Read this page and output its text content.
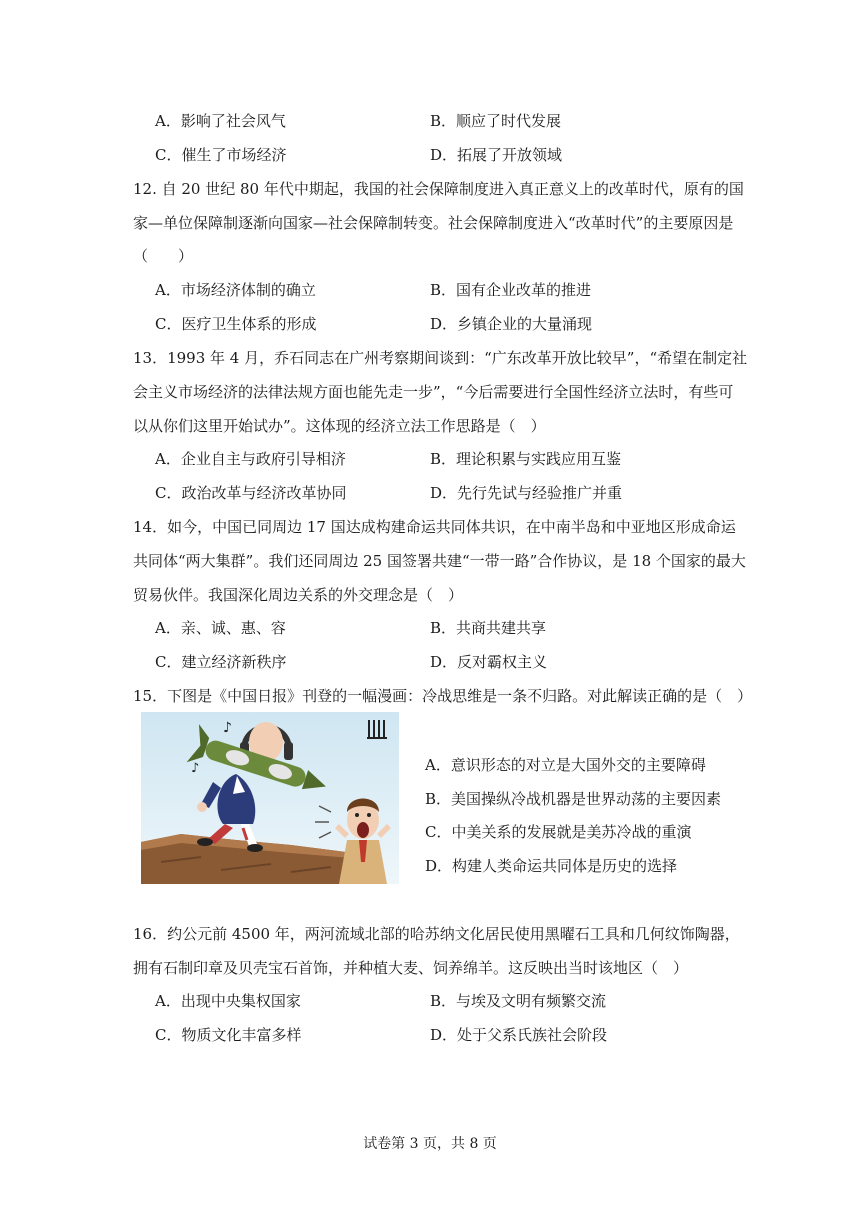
A．影响了社会风气	B．顺应了时代发展
C．催生了市场经济	D．拓展了开放领域
12. 自 20 世纪 80 年代中期起，我国的社会保障制度进入真正意义上的改革时代，原有的国
家—单位保障制逐渐向国家—社会保障制转变。社会保障制度进入“改革时代”的主要原因是
（　　）
A．市场经济体制的确立	B．国有企业改革的推进
C．医疗卫生体系的形成	D．乡镇企业的大量涌现
13．1993 年 4 月，乔石同志在广州考察期间谈到：“广东改革开放比较早”，“希望在制定社
会主义市场经济的法律法规方面也能先走一步”，“今后需要进行全国性经济立法时，有些可
以从你们这里开始试办”。这体现的经济立法工作思路是（　）
A．企业自主与政府引导相济	B．理论积累与实践应用互鉴
C．政治改革与经济改革协同	D．先行先试与经验推广并重
14．如今，中国已同周边 17 国达成构建命运共同体共识，在中南半岛和中亚地区形成命运
共同体“两大集群”。我们还同周边 25 国签署共建“一带一路”合作协议，是 18 个国家的最大
贸易伙伴。我国深化周边关系的外交理念是（　）
A．亲、诚、惠、容	B．共商共建共享
C．建立经济新秩序	D．反对霸权主义
15．下图是《中国日报》刊登的一幅漫画：冷战思维是一条不归路。对此解读正确的是（　）
♪
♪	A．意识形态的对立是大国外交的主要障碍
B．美国操纵冷战机器是世界动荡的主要因素
C．中美关系的发展就是美苏冷战的重演
D．构建人类命运共同体是历史的选择
16．约公元前 4500 年，两河流域北部的哈苏纳文化居民使用黑曜石工具和几何纹饰陶器，
拥有石制印章及贝壳宝石首饰，并种植大麦、饲养绵羊。这反映出当时该地区（　）
A．出现中央集权国家	B．与埃及文明有频繁交流
C．物质文化丰富多样	D．处于父系氏族社会阶段
试卷第 3 页，共 8 页
